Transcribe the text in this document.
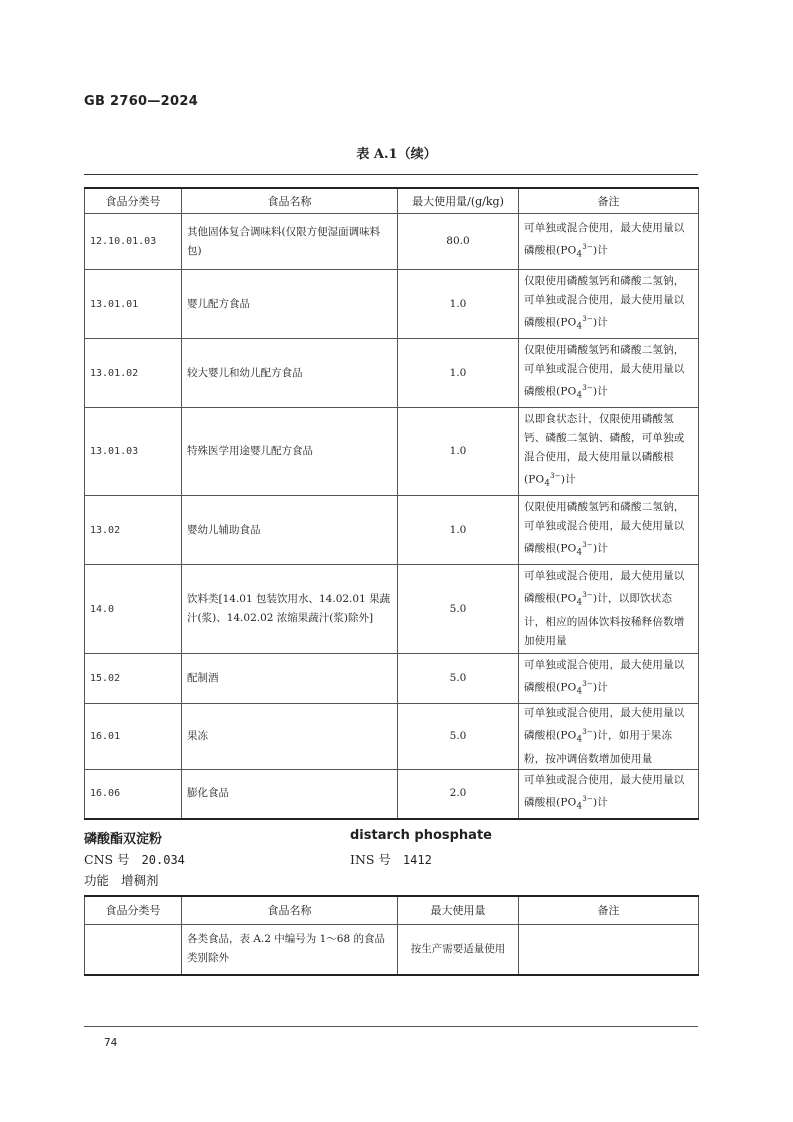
GB 2760—2024
表 A.1（续）
食品分类号	食品名称	最大使用量/(g/kg)	备注
12.10.01.03	其他固体复合调味料(仅限方便湿面调味料包)	80.0	可单独或混合使用，最大使用量以磷酸根$(PO_4^{3-})$计
13.01.01	婴儿配方食品	1.0	仅限使用磷酸氢钙和磷酸二氢钠，可单独或混合使用，最大使用量以磷酸根$(PO_4^{3-})$计
13.01.02	较大婴儿和幼儿配方食品	1.0	仅限使用磷酸氢钙和磷酸二氢钠，可单独或混合使用，最大使用量以磷酸根$(PO_4^{3-})$计
13.01.03	特殊医学用途婴儿配方食品	1.0	以即食状态计，仅限使用磷酸氢钙、磷酸二氢钠、磷酸，可单独或混合使用，最大使用量以磷酸根$(PO_4^{3-})$计
13.02	婴幼儿辅助食品	1.0	仅限使用磷酸氢钙和磷酸二氢钠，可单独或混合使用，最大使用量以磷酸根$(PO_4^{3-})$计
14.0	饮料类[14.01 包装饮用水、14.02.01 果蔬汁(浆)、14.02.02 浓缩果蔬汁(浆)除外]	5.0	可单独或混合使用，最大使用量以磷酸根$(PO_4^{3-})$计，以即饮状态计，相应的固体饮料按稀释倍数增加使用量
15.02	配制酒	5.0	可单独或混合使用，最大使用量以磷酸根$(PO_4^{3-})$计
16.01	果冻	5.0	可单独或混合使用，最大使用量以磷酸根$(PO_4^{3-})$计，如用于果冻粉，按冲调倍数增加使用量
16.06	膨化食品	2.0	可单独或混合使用，最大使用量以磷酸根$(PO_4^{3-})$计
磷酸酯双淀粉	distarch phosphate
CNS 号 20.034	INS 号 1412
功能 增稠剂
食品分类号	食品名称	最大使用量	备注
	各类食品，表 A.2 中编号为 1～68 的食品类别除外	按生产需要适量使用	
74
